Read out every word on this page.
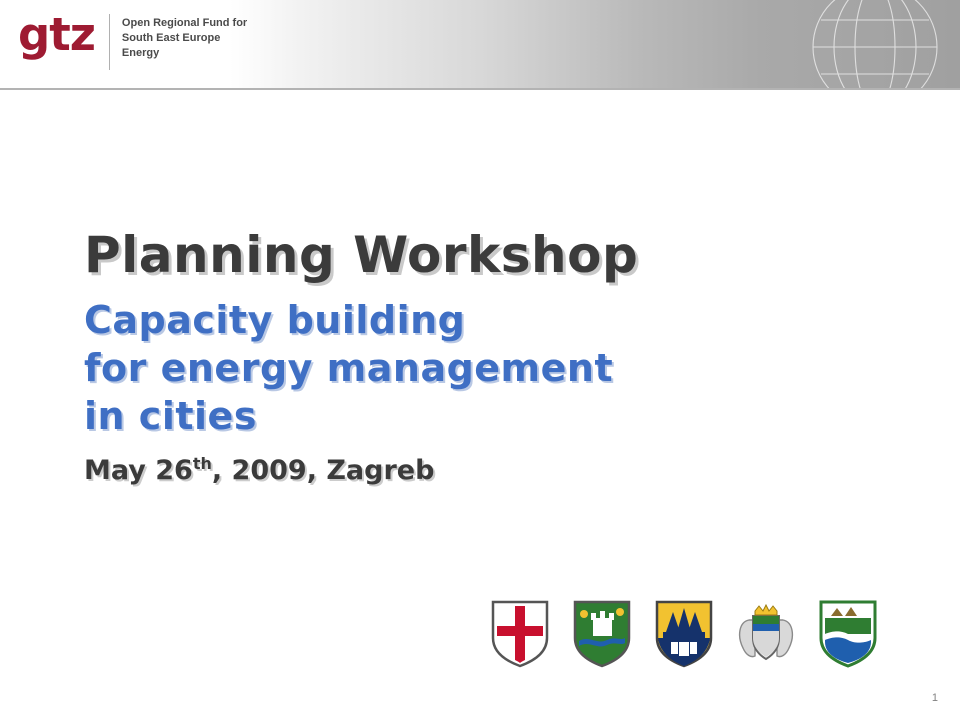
gtz	Open Regional Fund for
South East Europe
Energy
Planning Workshop
Capacity building
for energy management
in cities
May 26th, 2009, Zagreb
1
